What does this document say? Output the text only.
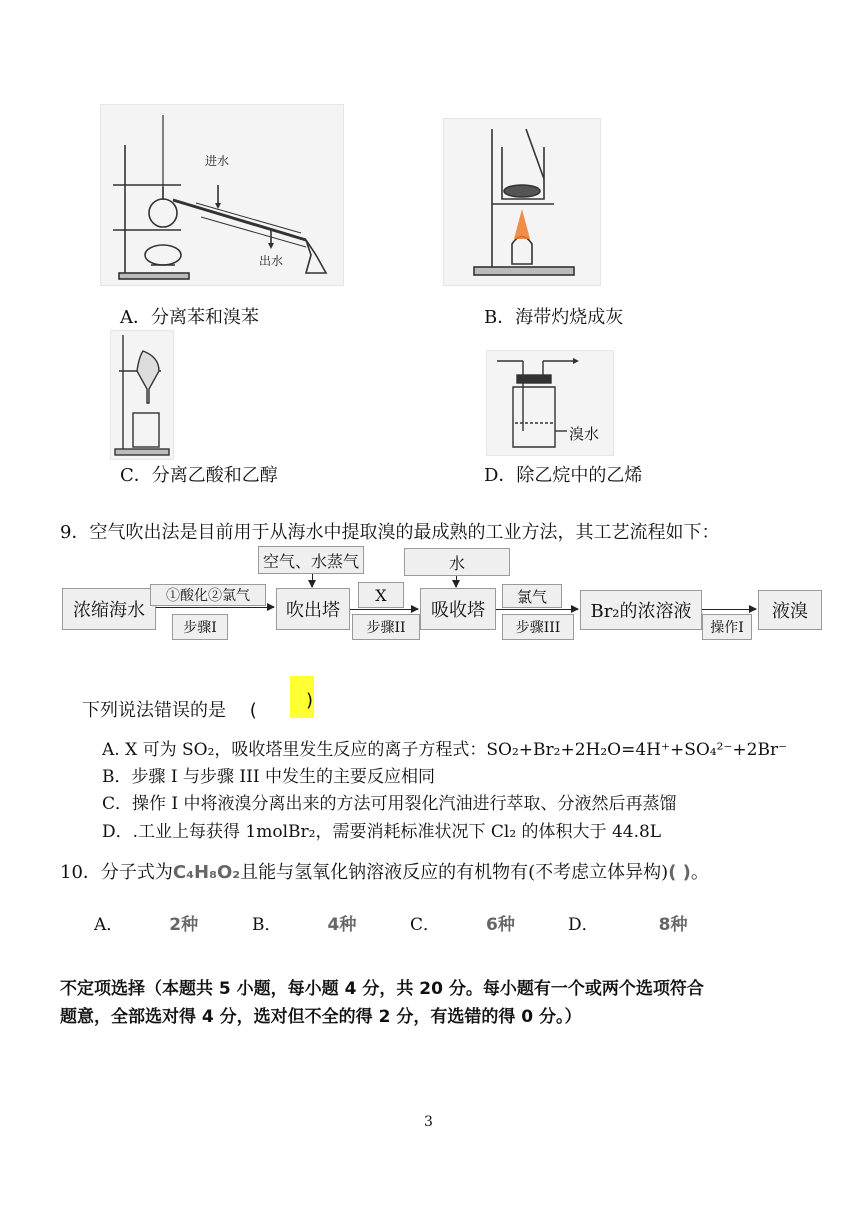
进水
出水
A．分离苯和溴苯	B．海带灼烧成灰
C．分离乙酸和乙醇
溴水
D．除乙烷中的乙烯
9．空气吹出法是目前用于从海水中提取溴的最成熟的工业方法，其工艺流程如下：
浓缩海水
①酸化②氯气
步骤I
吹出塔
空气、水蒸气
X
步骤II
吸收塔
水
氯气
步骤III
Br₂的浓溶液
操作I
液溴
下列说法错误的是 (	)
A. X 可为 SO₂，吸收塔里发生反应的离子方程式：SO₂+Br₂+2H₂O=4H⁺+SO₄²⁻+2Br⁻
B．步骤 I 与步骤 III 中发生的主要反应相同
C．操作 I 中将液溴分离出来的方法可用裂化汽油进行萃取、分液然后再蒸馏
D．.工业上每获得 1molBr₂，需要消耗标准状况下 Cl₂ 的体积大于 44.8L
10．分子式为C₄H₈O₂且能与氢氧化钠溶液反应的有机物有(不考虑立体异构)( )。
A．	2种	B．	4种	C．	6种	D．	8种
不定项选择（本题共 5 小题，每小题 4 分，共 20 分。每小题有一个或两个选项符合
题意，全部选对得 4 分，选对但不全的得 2 分，有选错的得 0 分。）
3
